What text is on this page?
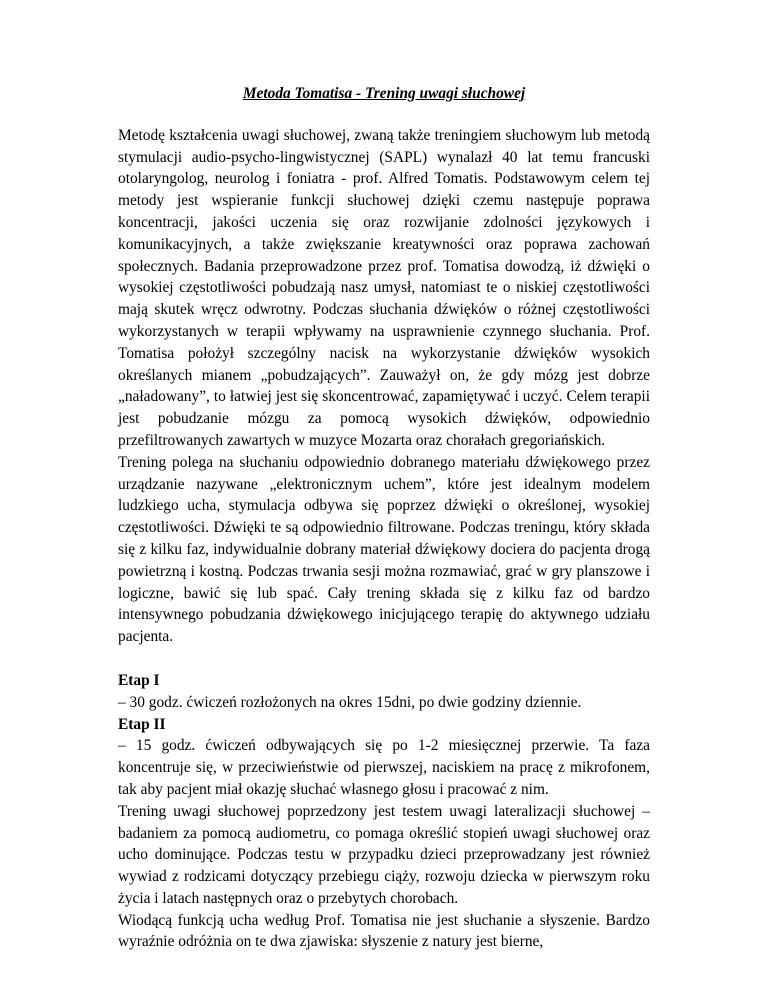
Metoda Tomatisa - Trening uwagi słuchowej

Metodę kształcenia uwagi słuchowej, zwaną także treningiem słuchowym lub metodą stymulacji audio-psycho-lingwistycznej (SAPL) wynalazł 40 lat temu francuski otolaryngolog, neurolog i foniatra - prof. Alfred Tomatis. Podstawowym celem tej metody jest wspieranie funkcji słuchowej dzięki czemu następuje poprawa koncentracji, jakości uczenia się oraz rozwijanie zdolności językowych i komunikacyjnych, a także zwiększanie kreatywności oraz poprawa zachowań społecznych. Badania przeprowadzone przez prof. Tomatisa dowodzą, iż dźwięki o wysokiej częstotliwości pobudzają nasz umysł, natomiast te o niskiej częstotliwości mają skutek wręcz odwrotny. Podczas słuchania dźwięków o różnej częstotliwości wykorzystanych w terapii wpływamy na usprawnienie czynnego słuchania. Prof. Tomatisa położył szczególny nacisk na wykorzystanie dźwięków wysokich określanych mianem „pobudzających”. Zauważył on, że gdy mózg jest dobrze „naładowany”, to łatwiej jest się skoncentrować, zapamiętywać i uczyć. Celem terapii jest pobudzanie mózgu za pomocą wysokich dźwięków, odpowiednio przefiltrowanych zawartych w muzyce Mozarta oraz chorałach gregoriańskich.

Trening polega na słuchaniu odpowiednio dobranego materiału dźwiękowego przez urządzanie nazywane „elektronicznym uchem”, które jest idealnym modelem ludzkiego ucha, stymulacja odbywa się poprzez dźwięki o określonej, wysokiej częstotliwości. Dźwięki te są odpowiednio filtrowane. Podczas treningu, który składa się z kilku faz, indywidualnie dobrany materiał dźwiękowy dociera do pacjenta drogą powietrzną i kostną. Podczas trwania sesji można rozmawiać, grać w gry planszowe i logiczne, bawić się lub spać. Cały trening składa się z kilku faz od bardzo intensywnego pobudzania dźwiękowego inicjującego terapię do aktywnego udziału pacjenta.

Etap I

– 30 godz. ćwiczeń rozłożonych na okres 15dni, po dwie godziny dziennie.

Etap II

– 15 godz. ćwiczeń odbywających się po 1-2 miesięcznej przerwie. Ta faza koncentruje się, w przeciwieństwie od pierwszej, naciskiem na pracę z mikrofonem, tak aby pacjent miał okazję słuchać własnego głosu i pracować z nim.

Trening uwagi słuchowej poprzedzony jest testem uwagi lateralizacji słuchowej – badaniem za pomocą audiometru, co pomaga określić stopień uwagi słuchowej oraz ucho dominujące. Podczas testu w przypadku dzieci przeprowadzany jest również wywiad z rodzicami dotyczący przebiegu ciąży, rozwoju dziecka w pierwszym roku życia i latach następnych oraz o przebytych chorobach.

Wiodącą funkcją ucha według Prof. Tomatisa nie jest słuchanie a słyszenie. Bardzo wyraźnie odróżnia on te dwa zjawiska: słyszenie z natury jest bierne,
